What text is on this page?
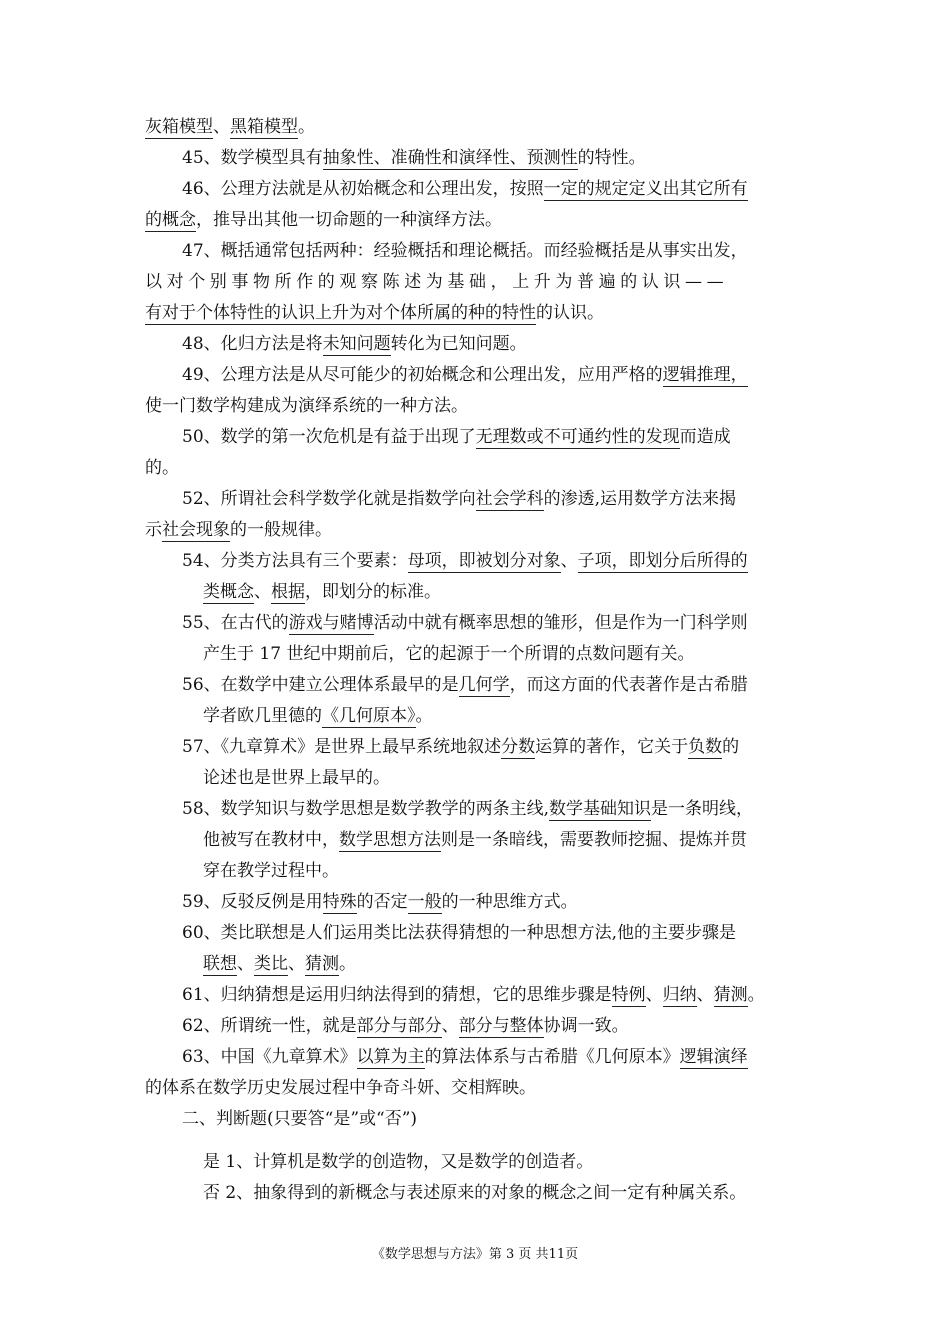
灰箱模型、黑箱模型。
45、数学模型具有抽象性、准确性和演绎性、预测性的特性。
46、公理方法就是从初始概念和公理出发，按照一定的规定定义出其它所有
的概念，推导出其他一切命题的一种演绎方法。
47、概括通常包括两种：经验概括和理论概括。而经验概括是从事实出发，
以对个别事物所作的观察陈述为基础，上升为普遍的认识——
有对于个体特性的认识上升为对个体所属的种的特性的认识。
48、化归方法是将未知问题转化为已知问题。
49、公理方法是从尽可能少的初始概念和公理出发，应用严格的逻辑推理，
使一门数学构建成为演绎系统的一种方法。
50、数学的第一次危机是有益于出现了无理数或不可通约性的发现而造成
的。
52、所谓社会科学数学化就是指数学向社会学科的渗透,运用数学方法来揭
示社会现象的一般规律。
54、分类方法具有三个要素：母项，即被划分对象、子项，即划分后所得的
类概念、根据，即划分的标准。
55、在古代的游戏与赌博活动中就有概率思想的雏形，但是作为一门科学则
产生于 17 世纪中期前后，它的起源于一个所谓的点数问题有关。
56、在数学中建立公理体系最早的是几何学，而这方面的代表著作是古希腊
学者欧几里德的《几何原本》。
57、《九章算术》是世界上最早系统地叙述分数运算的著作，它关于负数的
论述也是世界上最早的。
58、数学知识与数学思想是数学教学的两条主线,数学基础知识是一条明线，
他被写在教材中，数学思想方法则是一条暗线，需要教师挖掘、提炼并贯
穿在教学过程中。
59、反驳反例是用特殊的否定一般的一种思维方式。
60、类比联想是人们运用类比法获得猜想的一种思想方法,他的主要步骤是
联想、类比、猜测。
61、归纳猜想是运用归纳法得到的猜想，它的思维步骤是特例、归纳、猜测。
62、所谓统一性，就是部分与部分、部分与整体协调一致。
63、中国《九章算术》以算为主的算法体系与古希腊《几何原本》逻辑演绎
的体系在数学历史发展过程中争奇斗妍、交相辉映。
二、判断题(只要答“是”或“否”)
是 1、计算机是数学的创造物，又是数学的创造者。
否 2、抽象得到的新概念与表述原来的对象的概念之间一定有种属关系。
《数学思想与方法》第 3 页 共11页
